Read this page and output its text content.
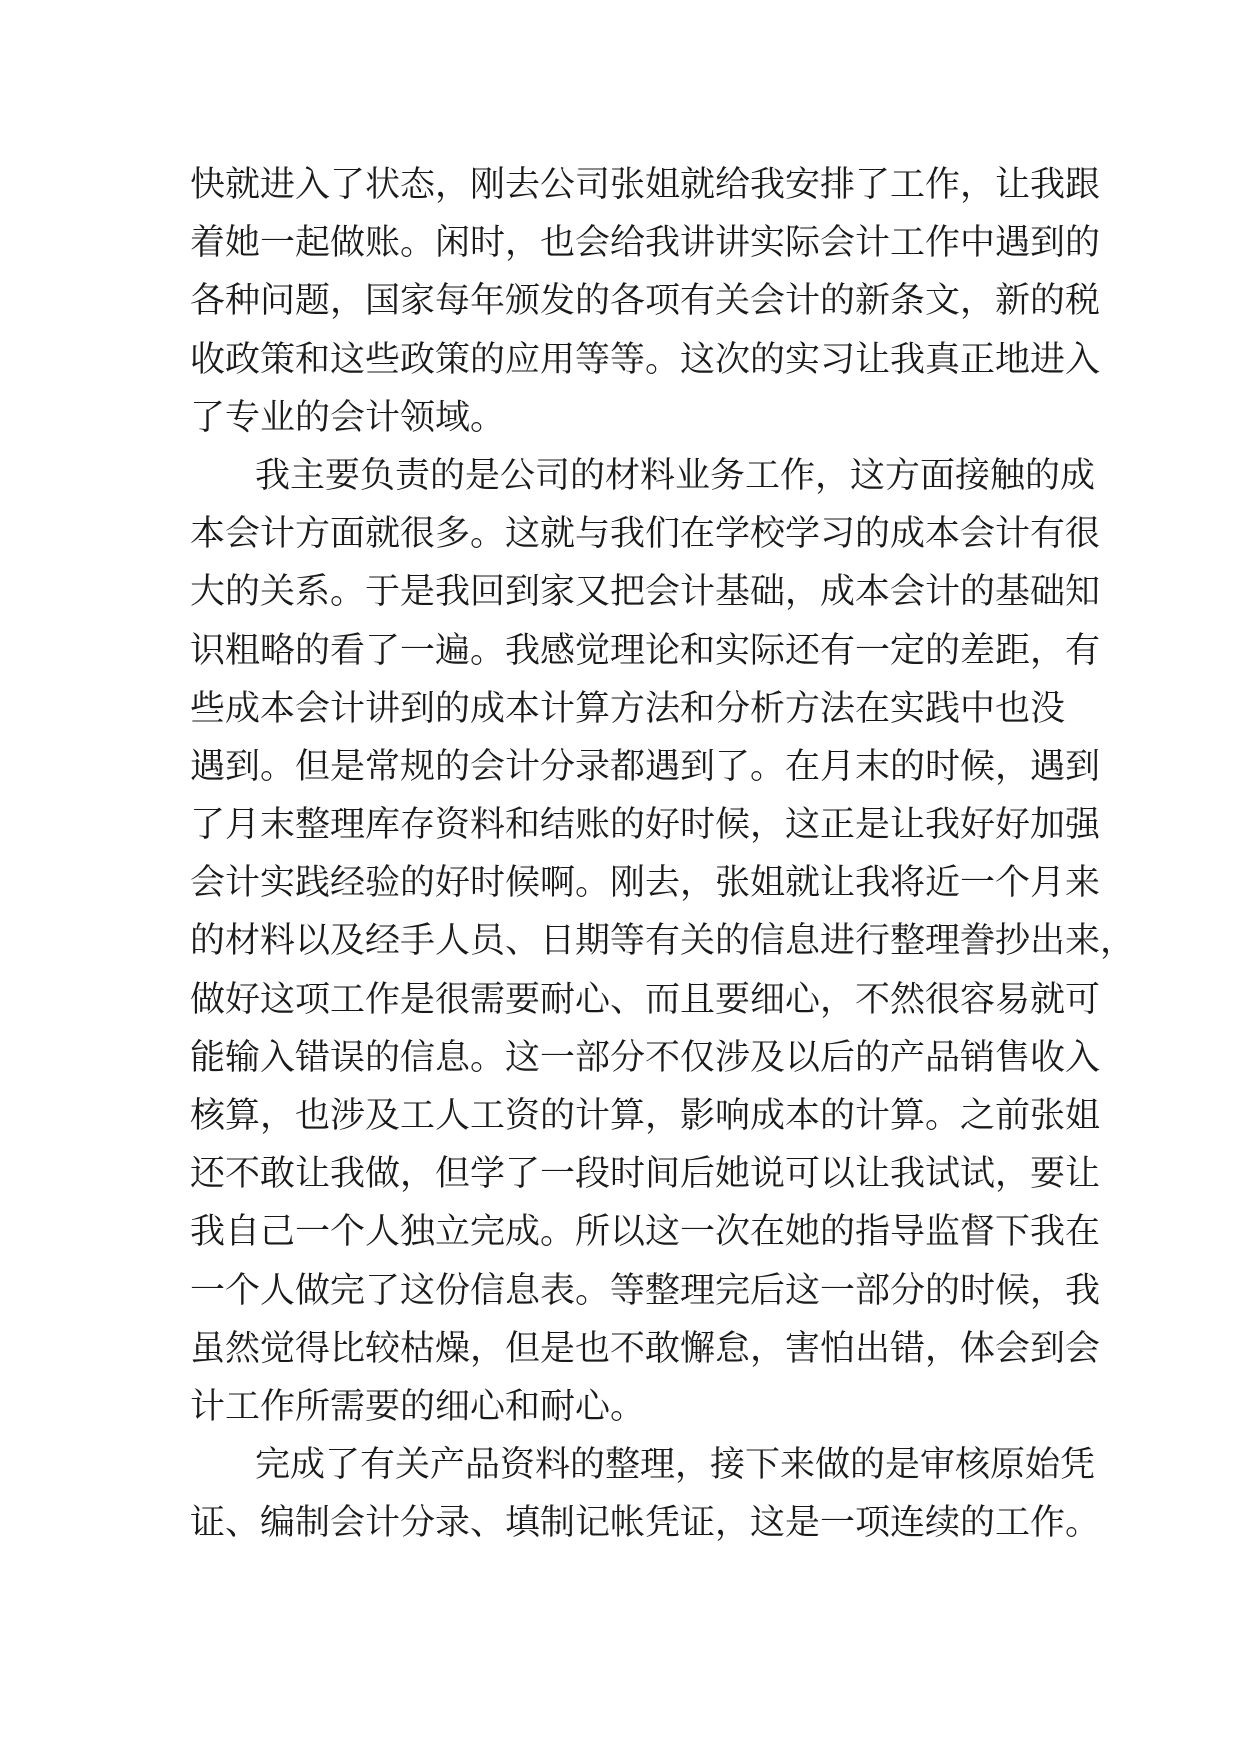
快就进入了状态，刚去公司张姐就给我安排了工作，让我跟
着她一起做账。闲时，也会给我讲讲实际会计工作中遇到的
各种问题，国家每年颁发的各项有关会计的新条文，新的税
收政策和这些政策的应用等等。这次的实习让我真正地进入
了专业的会计领域。
我主要负责的是公司的材料业务工作，这方面接触的成
本会计方面就很多。这就与我们在学校学习的成本会计有很
大的关系。于是我回到家又把会计基础，成本会计的基础知
识粗略的看了一遍。我感觉理论和实际还有一定的差距，有
些成本会计讲到的成本计算方法和分析方法在实践中也没
遇到。但是常规的会计分录都遇到了。在月末的时候，遇到
了月末整理库存资料和结账的好时候，这正是让我好好加强
会计实践经验的好时候啊。刚去，张姐就让我将近一个月来
的材料以及经手人员、日期等有关的信息进行整理誊抄出来，
做好这项工作是很需要耐心、而且要细心，不然很容易就可
能输入错误的信息。这一部分不仅涉及以后的产品销售收入
核算，也涉及工人工资的计算，影响成本的计算。之前张姐
还不敢让我做，但学了一段时间后她说可以让我试试，要让
我自己一个人独立完成。所以这一次在她的指导监督下我在
一个人做完了这份信息表。等整理完后这一部分的时候，我
虽然觉得比较枯燥，但是也不敢懈怠，害怕出错，体会到会
计工作所需要的细心和耐心。
完成了有关产品资料的整理，接下来做的是审核原始凭
证、编制会计分录、填制记帐凭证，这是一项连续的工作。
